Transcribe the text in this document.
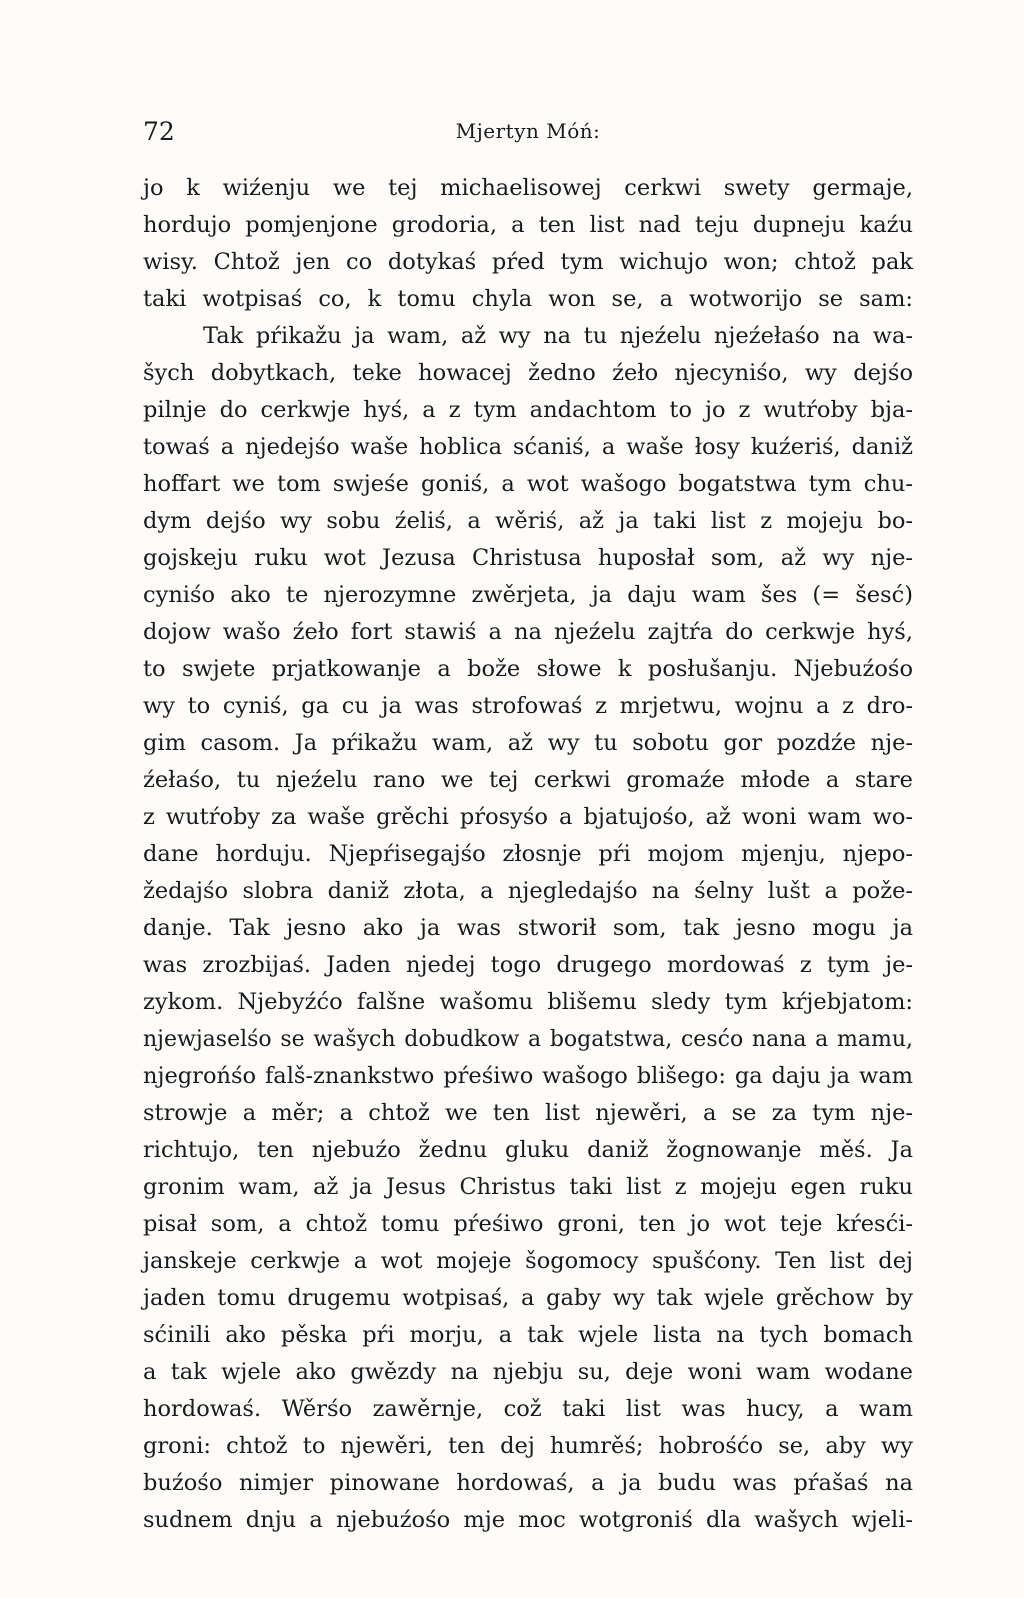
72	Mjertyn Móń:
jo k wiźenju we tej michaelisowej cerkwi swety germaje,
hordujo pomjenjone grodoria, a ten list nad teju dupneju kaźu
wisy. Chtož jen co dotykaś pŕed tym wichujo won; chtož pak
taki wotpisaś co, k tomu chyla won se, a wotworijo se sam:
Tak pŕikažu ja wam, až wy na tu njeźelu njeźełaśo na wa-
šych dobytkach, teke howacej žedno źeło njecyniśo, wy dejśo
pilnje do cerkwje hyś, a z tym andachtom to jo z wutŕoby bja-
towaś a njedejśo waše hoblica sćaniś, a waše łosy kuźeriś, daniž
hoffart we tom swjeśe goniś, a wot wašogo bogatstwa tym chu-
dym dejśo wy sobu źeliś, a wěriś, až ja taki list z mojeju bo-
gojskeju ruku wot Jezusa Christusa huposłał som, až wy nje-
cyniśo ako te njerozymne zwěrjeta, ja daju wam šes (= šesć)
dojow wašo źeło fort stawiś a na njeźelu zajtŕa do cerkwje hyś,
to swjete prjatkowanje a bože słowe k posłušanju. Njebuźośo
wy to cyniś, ga cu ja was strofowaś z mrjetwu, wojnu a z dro-
gim casom. Ja pŕikažu wam, až wy tu sobotu gor pozdźe nje-
źełaśo, tu njeźelu rano we tej cerkwi gromaźe młode a stare
z wutŕoby za waše grěchi pŕosyśo a bjatujośo, až woni wam wo-
dane horduju. Njepŕisegajśo złosnje pŕi mojom mjenju, njepo-
žedajśo slobra daniž złota, a njegledajśo na śelny lušt a požе-
danje. Tak jesno ako ja was stworił som, tak jesno mogu ja
was zrozbijaś. Jaden njedej togo drugego mordowaś z tym je-
zykom. Njebyźćo falšne wašomu blišemu sledy tym kŕjebjatom:
njewjaselśo se wašych dobudkow a bogatstwa, cesćo nana a mamu,
njegrońśo falš-znankstwo pŕeśiwo wašogo blišego: ga daju ja wam
strowje a měr; a chtož we ten list njewěri, a se za tym nje-
richtujo, ten njebuźo žednu gluku daniž žognowanje měś. Ja
gronim wam, až ja Jesus Christus taki list z mojeju egen ruku
pisał som, a chtož tomu pŕeśiwo groni, ten jo wot teje kŕesći-
janskeje cerkwje a wot mojeje šogomocy spušćony. Ten list dej
jaden tomu drugemu wotpisaś, a gaby wy tak wjele grěchow by
sćinili ako pěska pŕi morju, a tak wjele lista na tych bomach
a tak wjele ako gwězdy na njebju su, deje woni wam wodane
hordowaś. Wěrśo zawěrnje, což taki list was hucy, a wam
groni: chtož to njewěri, ten dej humrěś; hobrośćo se, aby wy
buźośo nimjer pinowane hordowaś, a ja budu was pŕašaś na
sudnem dnju a njebuźośo mje moc wotgroniś dla wašych wjeli-
